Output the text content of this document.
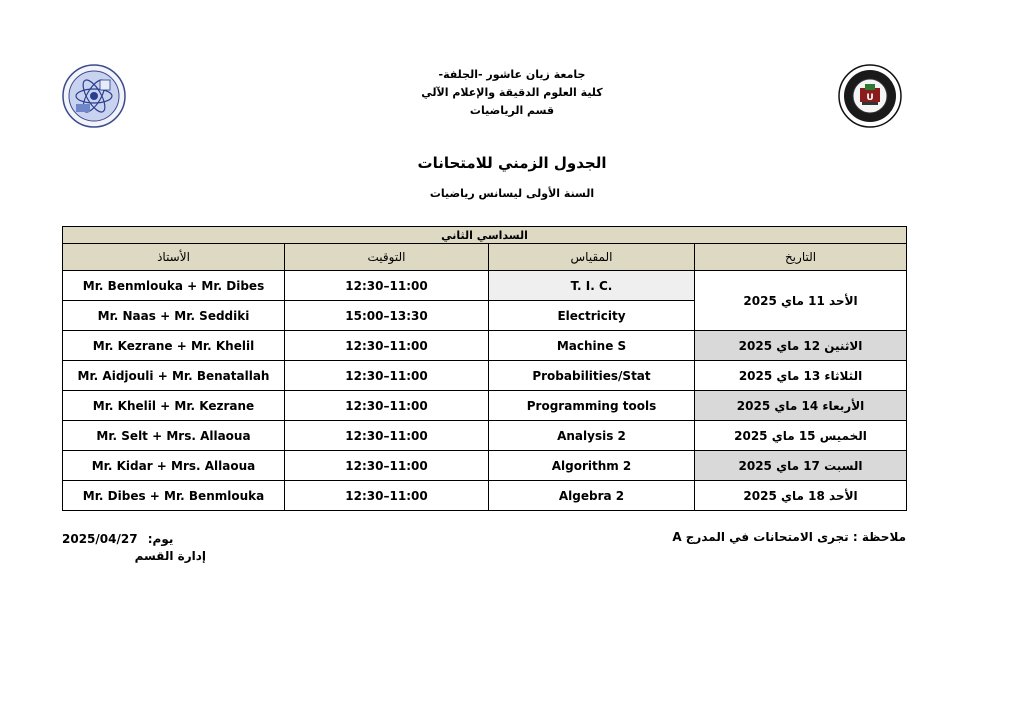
U
جامعة زيان عاشور -الجلفة-
كلية العلوم الدقيقة والإعلام الآلي
قسم الرياضيات
الجدول الزمني للامتحانات
السنة الأولى ليسانس رياضيات
السداسي الثاني			
الأستاذ	التوقيت	المقياس	التاريخ
Mr. Benmlouka + Mr. Dibes	12:30–11:00	T. I. C.	الأحد 11 ماي 2025
Mr. Naas + Mr. Seddiki	15:00–13:30	Electricity	
Mr. Kezrane + Mr. Khelil	12:30–11:00	Machine S	الاثنين 12 ماي 2025
Mr. Aidjouli + Mr. Benatallah	12:30–11:00	Probabilities/Stat	الثلاثاء 13 ماي 2025
Mr. Khelil + Mr. Kezrane	12:30–11:00	Programming tools	الأربعاء 14 ماي 2025
Mr. Selt + Mrs. Allaoua	12:30–11:00	Analysis 2	الخميس 15 ماي 2025
Mr. Kidar + Mrs. Allaoua	12:30–11:00	Algorithm 2	السبت 17 ماي 2025
Mr. Dibes + Mr. Benmlouka	12:30–11:00	Algebra 2	الأحد 18 ماي 2025
ملاحظة : تجرى الامتحانات في المدرج A
2025/04/27 يوم:
إدارة القسم
